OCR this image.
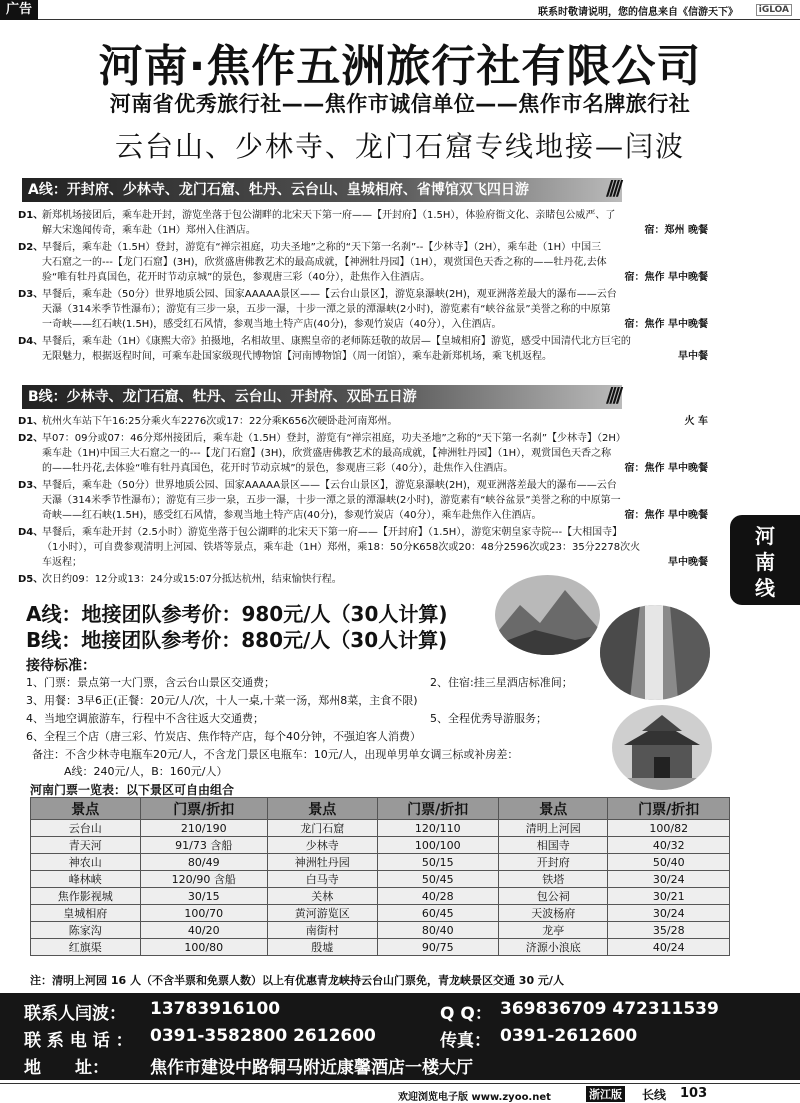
广告	联系时敬请说明，您的信息来自《信游天下》	iGLOA
河南·焦作五洲旅行社有限公司
河南省优秀旅行社——焦作市诚信单位——焦作市名牌旅行社
云台山、少林寺、龙门石窟专线地接—闫波
A线：开封府、少林寺、龙门石窟、牡丹、云台山、皇城相府、省博馆双飞四日游	////
D1、新郑机场接团后，乘车赴开封，游览坐落于包公湖畔的北宋天下第一府——【开封府】（1.5H），体验府衙文化、亲睹包公威严、了
解大宋逸闻传奇，乘车赴（1H）郑州入住酒店。	宿：郑州 晚餐
D2、早餐后，乘车赴（1.5H）登封，游览有“禅宗祖庭，功夫圣地”之称的“天下第一名刹”--【少林寺】（2H），乘车赴（1H）中国三
大石窟之一的---【龙门石窟】(3H)，欣赏盛唐佛教艺术的最高成就，【神洲牡丹园】（1H），观赏国色天香之称的——牡丹花,去体
验“唯有牡丹真国色，花开时节动京城”的景色，参观唐三彩（40分），赴焦作入住酒店。	宿：焦作 早中晚餐
D3、早餐后，乘车赴（50分）世界地质公园、国家AAAAA景区——【云台山景区】，游览泉瀑峡(2H)，观亚洲落差最大的瀑布——云台
天瀑（314米季节性瀑布）；游览有三步一泉，五步一瀑，十步一潭之景的潭瀑峡(2小时)，游览素有“峡谷盆景”美誉之称的中原第
一奇峡——红石峡(1.5H)，感受红石风情，参观当地土特产店(40分)，参观竹炭店（40分），入住酒店。	宿：焦作 早中晚餐
D4、早餐后，乘车赴（1H）《康熙大帝》拍摄地，名相故里、康熙皇帝的老师陈廷敬的故居—【皇城相府】游览，感受中国清代北方巨宅的
无限魅力，根据返程时间，可乘车赴国家级现代博物馆【河南博物馆】（周一闭馆），乘车赴新郑机场，乘飞机返程。	早中餐
B线：少林寺、龙门石窟、牡丹、云台山、开封府、双卧五日游	////
D1、杭州火车站下午16:25分乘火车2276次或17：22分乘K656次硬卧赴河南郑州。	火 车
D2、早07：09分或07：46分郑州接团后，乘车赴（1.5H）登封，游览有“禅宗祖庭，功夫圣地”之称的“天下第一名刹”【少林寺】（2H）
乘车赴（1H)中国三大石窟之一的---【龙门石窟】(3H)，欣赏盛唐佛教艺术的最高成就，【神洲牡丹园】（1H），观赏国色天香之称
的——牡丹花,去体验“唯有牡丹真国色，花开时节动京城”的景色，参观唐三彩（40分），赴焦作入住酒店。	宿：焦作 早中晚餐
D3、早餐后，乘车赴（50分）世界地质公园、国家AAAAA景区——【云台山景区】，游览泉瀑峡(2H)，观亚洲落差最大的瀑布——云台
天瀑（314米季节性瀑布）；游览有三步一泉，五步一瀑，十步一潭之景的潭瀑峡(2小时)，游览素有“峡谷盆景”美誉之称的中原第一
奇峡——红石峡(1.5H)，感受红石风情，参观当地土特产店(40分)，参观竹炭店（40分），乘车赴焦作入住酒店。	宿：焦作 早中晚餐
D4、早餐后，乘车赴开封（2.5小时）游览坐落于包公湖畔的北宋天下第一府——【开封府】（1.5H），游览宋朝皇家寺院---【大相国寺】
（1小时），可自费参观清明上河园、铁塔等景点，乘车赴（1H）郑州，乘18：50分K658次或20：48分2596次或23：35分2278次火
车返程；	早中晚餐
D5、次日约09：12分或13：24分或15:07分抵达杭州，结束愉快行程。
A线：地接团队参考价：980元/人（30人计算)
B线：地接团队参考价：880元/人（30人计算)
接待标准：
1、门票：景点第一大门票，含云台山景区交通费；	2、住宿:挂三星酒店标准间；
3、用餐：3早6正(正餐：20元/人/次，十人一桌,十菜一汤，郑州8菜，主食不限)
4、当地空调旅游车，行程中不含往返大交通费；	5、全程优秀导游服务；
6、全程三个店（唐三彩、竹炭店、焦作特产店，每个40分钟，不强迫客人消费）
备注：不含少林寺电瓶车20元/人，不含龙门景区电瓶车：10元/人，出现单男单女调三标或补房差：
A线：240元/人，B：160元/人）
河
南
线
河南门票一览表：以下景区可自由组合
景点	门票/折扣	景点	门票/折扣	景点	门票/折扣
云台山	210/190	龙门石窟	120/110	清明上河园	100/82
青天河	91/73 含船	少林寺	100/100	相国寺	40/32
神农山	80/49	神洲牡丹园	50/15	开封府	50/40
峰林峡	120/90 含船	白马寺	50/45	铁塔	30/24
焦作影视城	30/15	关林	40/28	包公祠	30/21
皇城相府	100/70	黄河游览区	60/45	天波杨府	30/24
陈家沟	40/20	南街村	80/40	龙亭	35/28
红旗渠	100/80	殷墟	90/75	济源小浪底	40/24
注：清明上河园 16 人（不含半票和免票人数）以上有优惠青龙峡持云台山门票免，青龙峡景区交通 30 元/人
联系人闫波： 13783916100	Q Q： 369836709 472311539
联 系 电 话 ： 0391-3582800 2612600	传真： 0391-2612600
地　　址： 焦作市建设中路铜马附近康馨酒店一楼大厅
欢迎浏览电子版 www.zyoo.net	浙江版 长线 103
